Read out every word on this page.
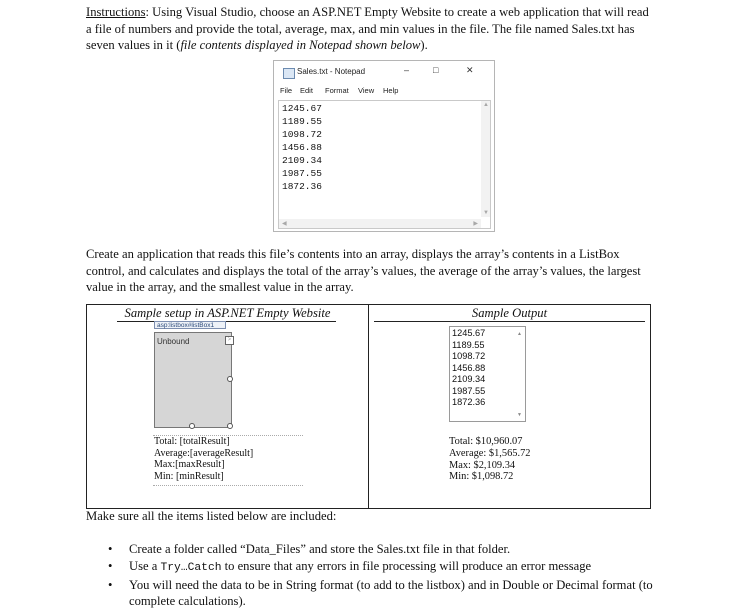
Instructions: Using Visual Studio, choose an ASP.NET Empty Website to create a web application that will read a file of numbers and provide the total, average, max, and min values in the file. The file named Sales.txt has seven values in it (file contents displayed in Notepad shown below).
Sales.txt - Notepad	–	□	✕
File Edit Format View Help
1245.67
1189.55
1098.72
1456.88
2109.34
1987.55
1872.36
▲
▼
◀	▶
Create an application that reads this file’s contents into an array, displays the array’s contents in a ListBox control, and calculates and displays the total of the array’s values, the average of the array’s values, the largest value in the array, and the smallest value in the array.
Sample setup in ASP.NET Empty Website	Sample Output
asp:listbox#listBox1
Unbound	>
Total: [totalResult]
Average:[averageResult]
Max:[maxResult]
Min: [minResult]
1245.67
1189.55
1098.72
1456.88
2109.34
1987.55
1872.36
▲
▼
Total: $10,960.07
Average: $1,565.72
Max: $2,109.34
Min: $1,098.72
Make sure all the items listed below are included:
• Create a folder called “Data_Files” and store the Sales.txt file in that folder.
• Use a Try…Catch to ensure that any errors in file processing will produce an error message
• You will need the data to be in String format (to add to the listbox) and in Double or Decimal format (to complete calculations).
